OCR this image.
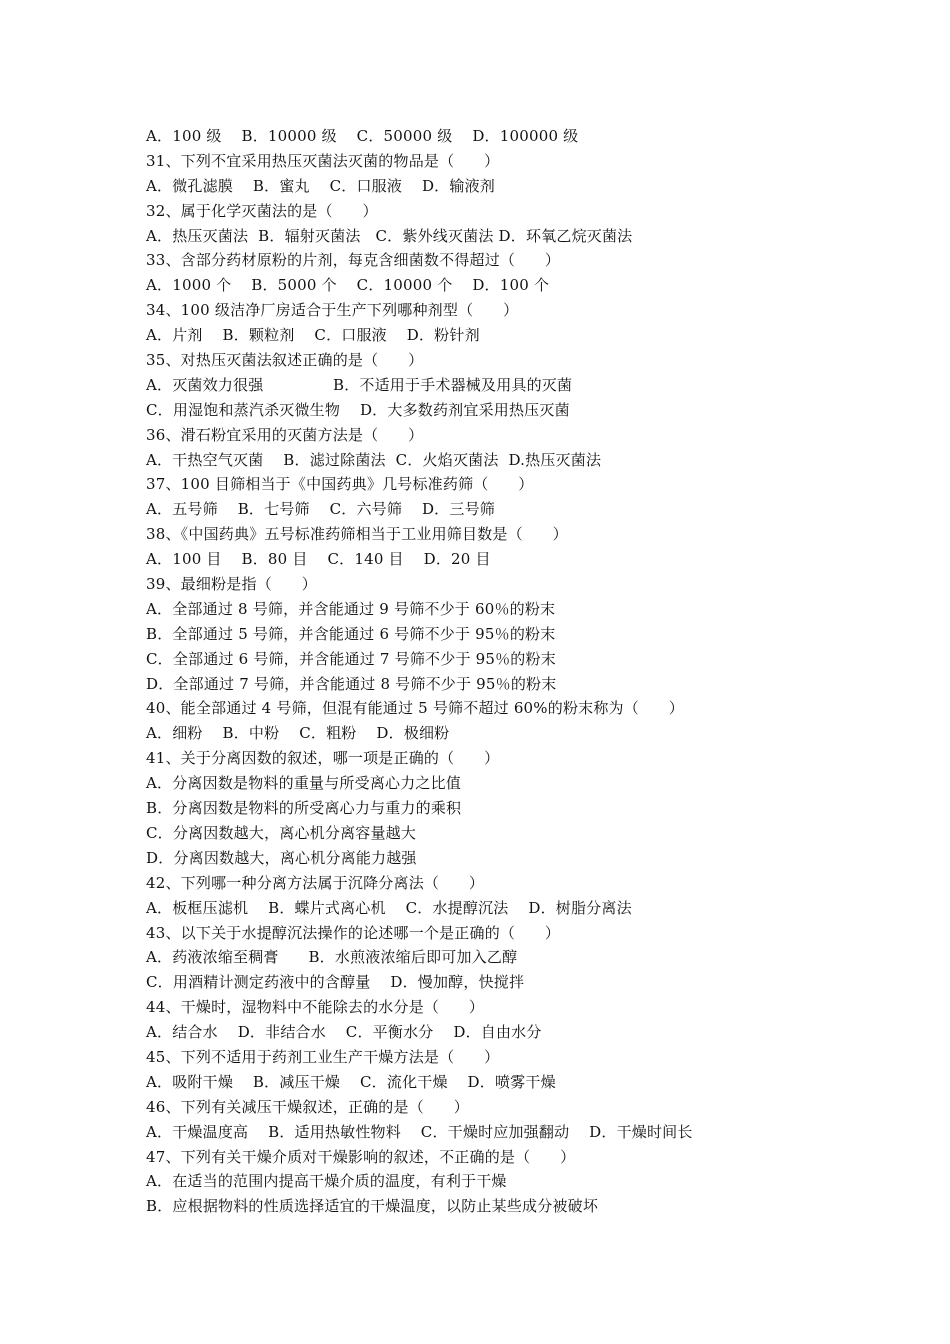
A．100 级    B．10000 级    C．50000 级    D．100000 级
31、下列不宜采用热压灭菌法灭菌的物品是（      ）
A．微孔滤膜    B．蜜丸    C．口服液    D．输液剂
32、属于化学灭菌法的是（      ）
A．热压灭菌法  B．辐射灭菌法   C．紫外线灭菌法 D．环氧乙烷灭菌法
33、含部分药材原粉的片剂，每克含细菌数不得超过（      ）
A．1000 个    B．5000 个    C．10000 个    D．100 个
34、100 级洁净厂房适合于生产下列哪种剂型（      ）
A．片剂    B．颗粒剂    C．口服液    D．粉针剂
35、对热压灭菌法叙述正确的是（      ）
A．灭菌效力很强              B．不适用于手术器械及用具的灭菌
C．用湿饱和蒸汽杀灭微生物    D．大多数药剂宜采用热压灭菌
36、滑石粉宜采用的灭菌方法是（      ）
A．干热空气灭菌    B．滤过除菌法  C．火焰灭菌法  D.热压灭菌法
37、100 目筛相当于《中国药典》几号标准药筛（      ）
A．五号筛    B．七号筛    C．六号筛    D．三号筛
38、《中国药典》五号标准药筛相当于工业用筛目数是（      ）
A．100 目    B．80 目    C．140 目    D．20 目
39、最细粉是指（      ）
A．全部通过 8 号筛，并含能通过 9 号筛不少于 60％的粉末
B．全部通过 5 号筛，并含能通过 6 号筛不少于 95％的粉末
C．全部通过 6 号筛，并含能通过 7 号筛不少于 95％的粉末
D．全部通过 7 号筛，并含能通过 8 号筛不少于 95％的粉末
40、能全部通过 4 号筛，但混有能通过 5 号筛不超过 60%的粉末称为（      ）
A．细粉    B．中粉    C．粗粉    D．极细粉
41、关于分离因数的叙述，哪一项是正确的（      ）
A．分离因数是物料的重量与所受离心力之比值
B．分离因数是物料的所受离心力与重力的乘积
C．分离因数越大，离心机分离容量越大
D．分离因数越大，离心机分离能力越强
42、下列哪一种分离方法属于沉降分离法（      ）
A．板框压滤机    B．蝶片式离心机    C．水提醇沉法    D．树脂分离法
43、以下关于水提醇沉法操作的论述哪一个是正确的（      ）
A．药液浓缩至稠膏      B．水煎液浓缩后即可加入乙醇
C．用酒精计测定药液中的含醇量    D．慢加醇，快搅拌
44、干燥时，湿物料中不能除去的水分是（      ）
A．结合水    D．非结合水    C．平衡水分    D．自由水分
45、下列不适用于药剂工业生产干燥方法是（      ）
A．吸附干燥    B．减压干燥    C．流化干燥    D．喷雾干燥
46、下列有关减压干燥叙述，正确的是（      ）
A．干燥温度高    B．适用热敏性物料    C．干燥时应加强翻动    D．干燥时间长
47、下列有关干燥介质对干燥影响的叙述，不正确的是（      ）
A．在适当的范围内提高干燥介质的温度，有利于干燥
B．应根据物料的性质选择适宜的干燥温度，以防止某些成分被破坏
